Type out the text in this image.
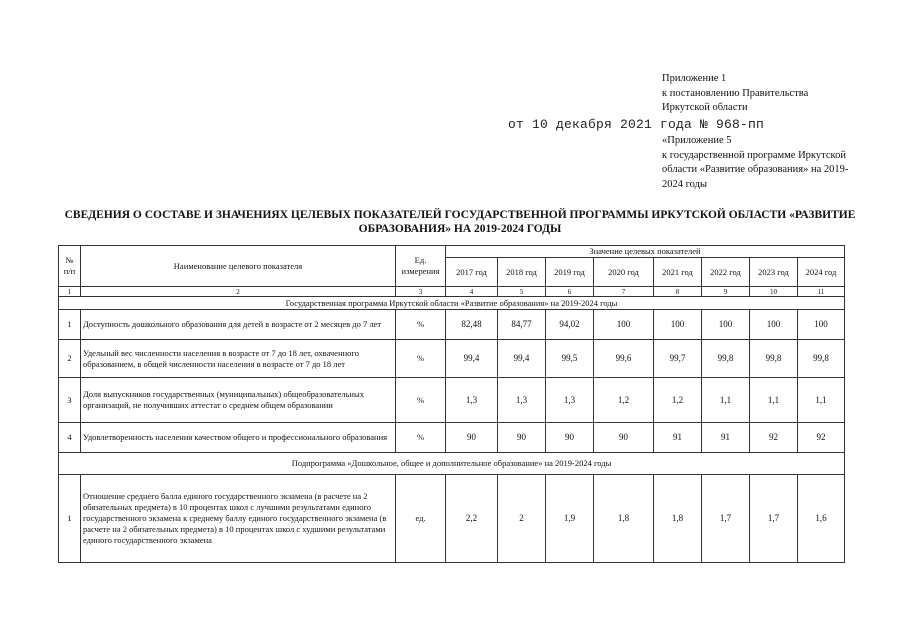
Приложение 1
к постановлению Правительства
Иркутской области
от 10 декабря 2021 года № 968-пп
«Приложение 5
к государственной программе Иркутской
области «Развитие образования» на 2019-
2024 годы
СВЕДЕНИЯ О СОСТАВЕ И ЗНАЧЕНИЯХ ЦЕЛЕВЫХ ПОКАЗАТЕЛЕЙ ГОСУДАРСТВЕННОЙ ПРОГРАММЫ ИРКУТСКОЙ ОБЛАСТИ «РАЗВИТИЕ
ОБРАЗОВАНИЯ» НА 2019-2024 ГОДЫ
№ п/п	Наименование целевого показателя	Ед. измерения	Значение целевых показателей							
			2017 год	2018 год	2019 год	2020 год	2021 год	2022 год	2023 год	2024 год
1	2	3	4	5	6	7	8	9	10	11
Государственная программа Иркутской области «Развитие образования» на 2019-2024 годы										
1	Доступность дошкольного образования для детей в возрасте от 2 месяцев до 7 лет	%	82,48	84,77	94,02	100	100	100	100	100
2	Удельный вес численности населения в возрасте от 7 до 18 лет, охваченного образованием, в общей численности населения в возрасте от 7 до 18 лет	%	99,4	99,4	99,5	99,6	99,7	99,8	99,8	99,8
3	Доля выпускников государственных (муниципальных) общеобразовательных организаций, не получивших аттестат о среднем общем образовании	%	1,3	1,3	1,3	1,2	1,2	1,1	1,1	1,1
4	Удовлетворенность населения качеством общего и профессионального образования	%	90	90	90	90	91	91	92	92
Подпрограмма «Дошкольное, общее и дополнительное образование» на 2019-2024 годы										
1	Отношение среднего балла единого государственного экзамена (в расчете на 2 обязательных предмета) в 10 процентах школ с лучшими результатами единого государственного экзамена к среднему баллу единого государственного экзамена (в расчете на 2 обязательных предмета) в 10 процентах школ с худшими результатами единого государственного экзамена	ед.	2,2	2	1,9	1,8	1,8	1,7	1,7	1,6
